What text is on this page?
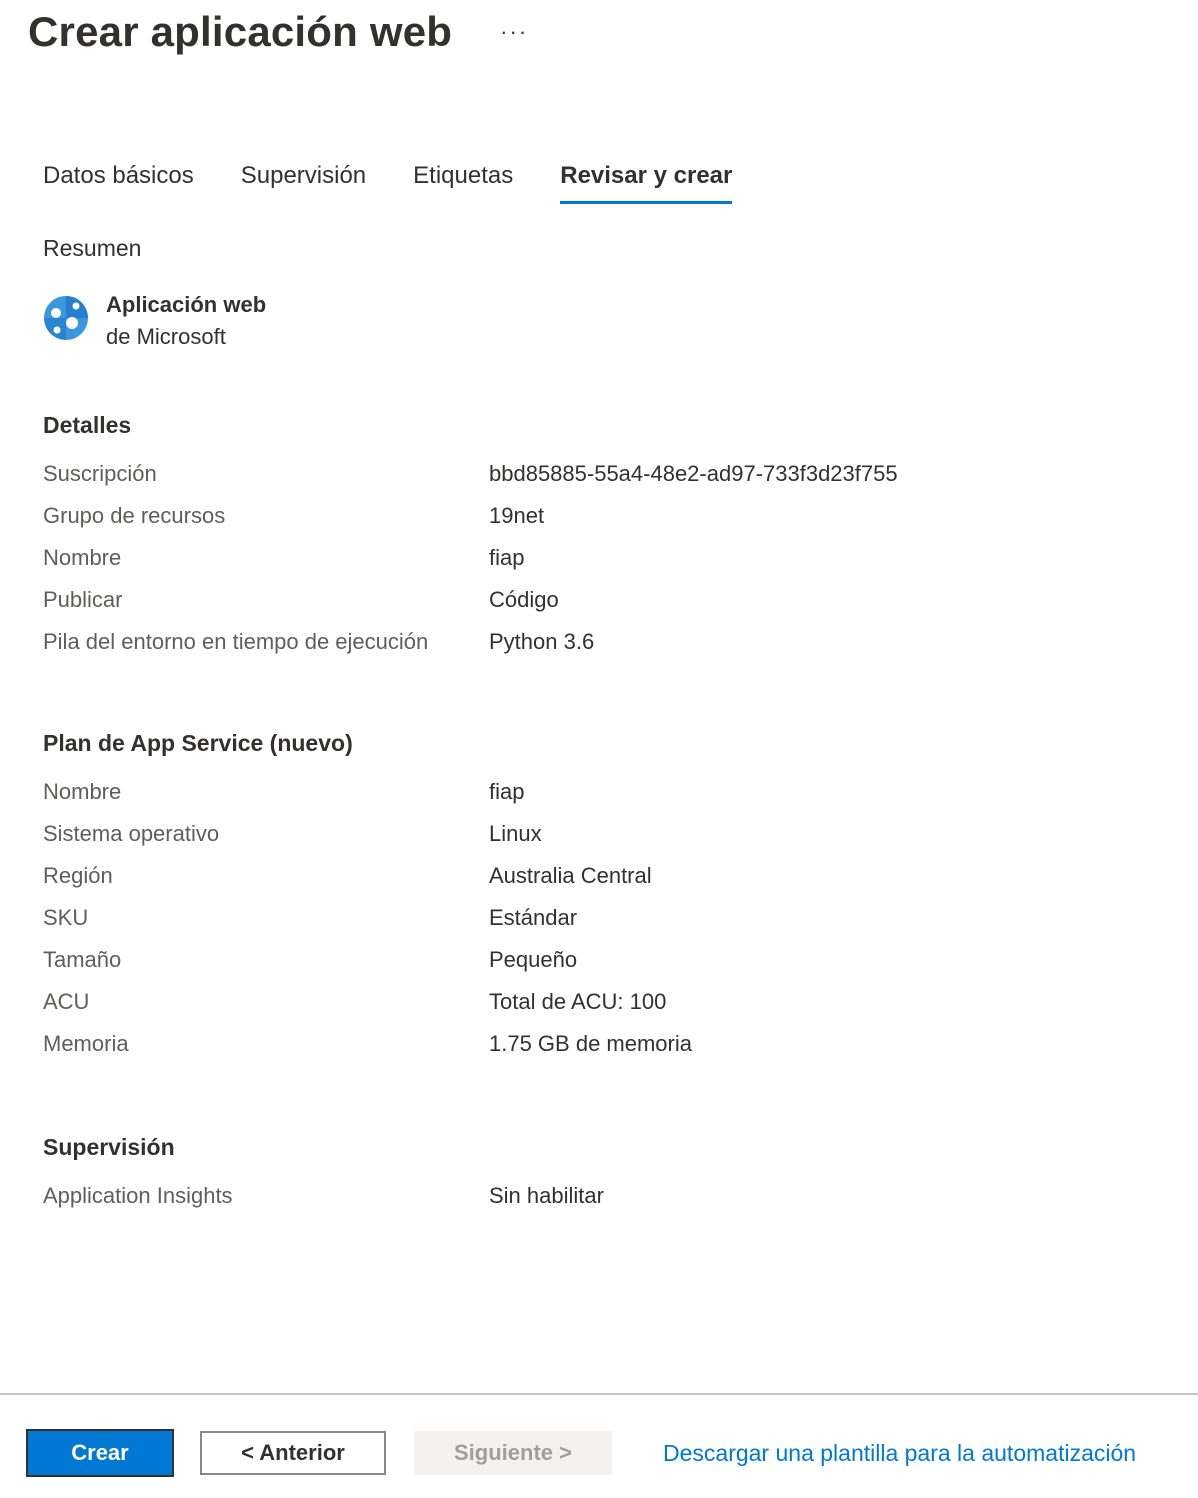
Crear aplicación web ···
Datos básicos Supervisión Etiquetas Revisar y crear
Resumen
Aplicación web
de Microsoft
Detalles
Suscripción	bbd85885-55a4-48e2-ad97-733f3d23f755
Grupo de recursos	19net
Nombre	fiap
Publicar	Código
Pila del entorno en tiempo de ejecución	Python 3.6
Plan de App Service (nuevo)
Nombre	fiap
Sistema operativo	Linux
Región	Australia Central
SKU	Estándar
Tamaño	Pequeño
ACU	Total de ACU: 100
Memoria	1.75 GB de memoria
Supervisión
Application Insights	Sin habilitar
Crear	< Anterior	Siguiente >	Descargar una plantilla para la automatización
